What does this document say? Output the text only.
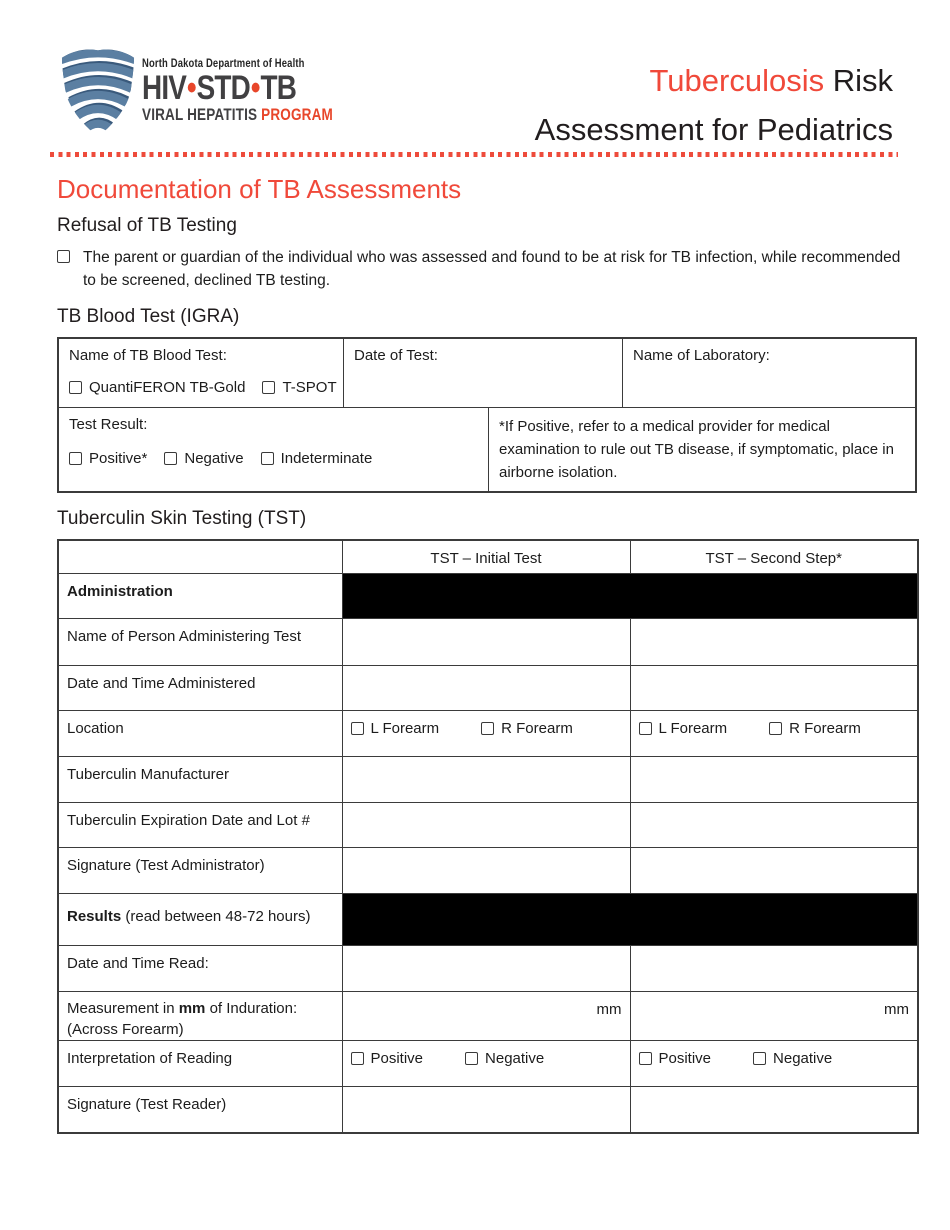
North Dakota Department of Health
HIV•STD•TB
VIRAL HEPATITIS PROGRAM
Tuberculosis Risk
Assessment for Pediatrics
Documentation of TB Assessments
Refusal of TB Testing
The parent or guardian of the individual who was assessed and found to be at risk for TB infection, while recommended to be screened, declined TB testing.
TB Blood Test (IGRA)
Name of TB Blood Test:
QuantiFERON TB-Gold	T-SPOT
Date of Test:	Name of Laboratory:
Test Result:
Positive*	Negative	Indeterminate
*If Positive, refer to a medical provider for medical examination to rule out TB disease, if symptomatic, place in airborne isolation.
Tuberculin Skin Testing (TST)
	TST – Initial Test	TST – Second Step*
Administration		
Name of Person Administering Test		
Date and Time Administered		
Location	L Forearm R Forearm	L Forearm R Forearm

Tuberculin Manufacturer		
Tuberculin Expiration Date and Lot #	

Signature (Test Administrator)		
Results (read between 48-72 hours)		
Date and Time Read:		
Measurement in mm of Induration:
(Across Forearm)	mm	mm
Interpretation of Reading	Positive Negative	Positive Negative

Signature (Test Reader)		
